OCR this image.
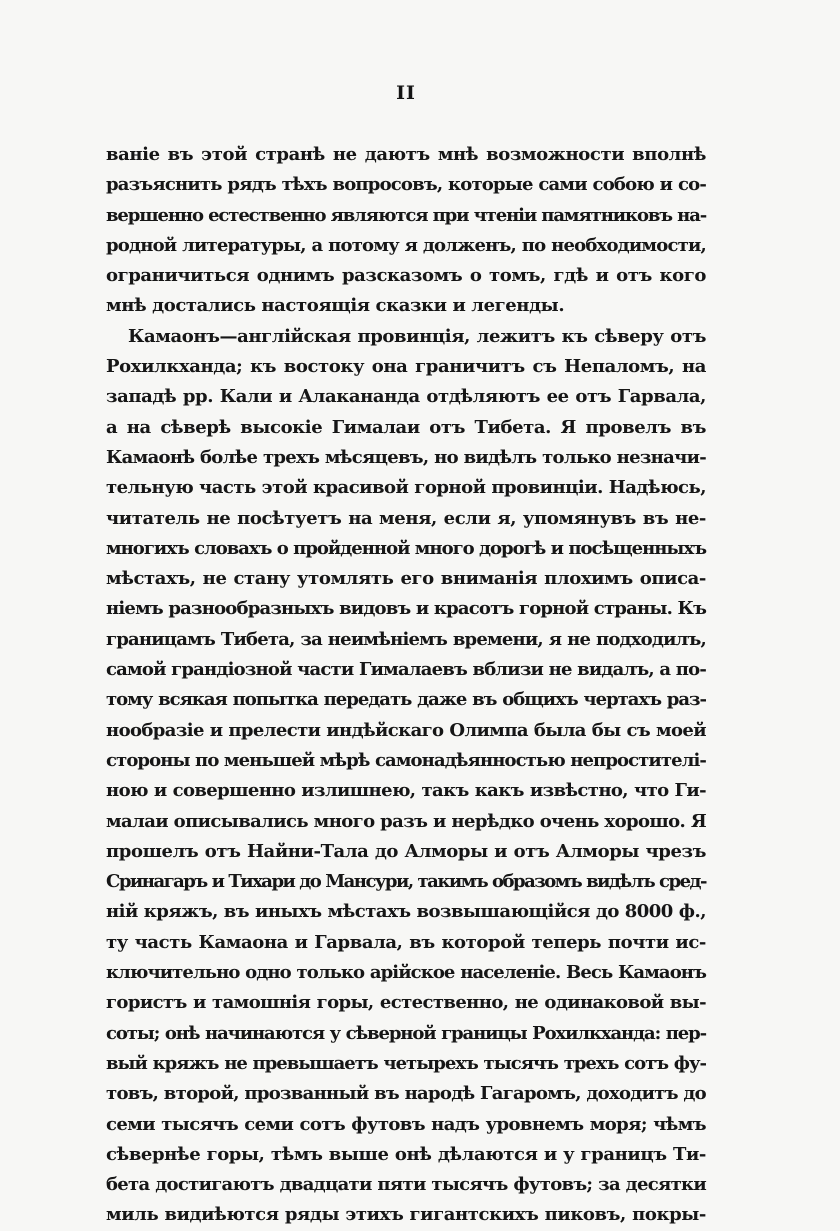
II
ваніе въ этой странѣ не даютъ мнѣ возможности вполнѣ
разъяснить рядъ тѣхъ вопросовъ, которые сами собою и со-
вершенно естественно являются при чтеніи памятниковъ на-
родной литературы, а потому я долженъ, по необходимости,
ограничиться однимъ разсказомъ о томъ, гдѣ и отъ кого
мнѣ достались настоящія сказки и легенды.
Камаонъ—англійская провинція, лежитъ къ сѣверу отъ
Рохилкханда; къ востоку она граничитъ съ Непаломъ, на
западѣ рр. Кали и Алакананда отдѣляютъ ее отъ Гарвала,
а на сѣверѣ высокіе Гималаи отъ Тибета. Я провелъ въ
Камаонѣ болѣе трехъ мѣсяцевъ, но видѣлъ только незначи-
тельную часть этой красивой горной провинціи. Надѣюсь,
читатель не посѣтуетъ на меня, если я, упомянувъ въ не-
многихъ словахъ о пройденной много дорогѣ и посѣщенныхъ
мѣстахъ, не стану утомлять его вниманія плохимъ описа-
ніемъ разнообразныхъ видовъ и красотъ горной страны. Къ
границамъ Тибета, за неимѣніемъ времени, я не подходилъ,
самой грандіозной части Гималаевъ вблизи не видалъ, а по-
тому всякая попытка передать даже въ общихъ чертахъ раз-
нообразіе и прелести индѣйскаго Олимпа была бы съ моей
стороны по меньшей мѣрѣ самонадѣянностью непростителі-
ною и совершенно излишнею, такъ какъ извѣстно, что Ги-
малаи описывались много разъ и нерѣдко очень хорошо. Я
прошелъ отъ Найни-Тала до Алморы и отъ Алморы чрезъ
Сринагаръ и Тихари до Мансури, такимъ образомъ видѣлъ сред-
ній кряжъ, въ иныхъ мѣстахъ возвышающійся до 8000 ф.,
ту часть Камаона и Гарвала, въ которой теперь почти ис-
ключительно одно только арійское населеніе. Весь Камаонъ
гористъ и тамошнія горы, естественно, не одинаковой вы-
соты; онѣ начинаются у сѣверной границы Рохилкханда: пер-
вый кряжъ не превышаетъ четырехъ тысячъ трехъ сотъ фу-
товъ, второй, прозванный въ народѣ Гагаромъ, доходитъ до
семи тысячъ семи сотъ футовъ надъ уровнемъ моря; чѣмъ
сѣвернѣе горы, тѣмъ выше онѣ дѣлаются и у границъ Ти-
бета достигаютъ двадцати пяти тысячъ футовъ; за десятки
миль видиѣются ряды этихъ гигантскихъ пиковъ, покры-
